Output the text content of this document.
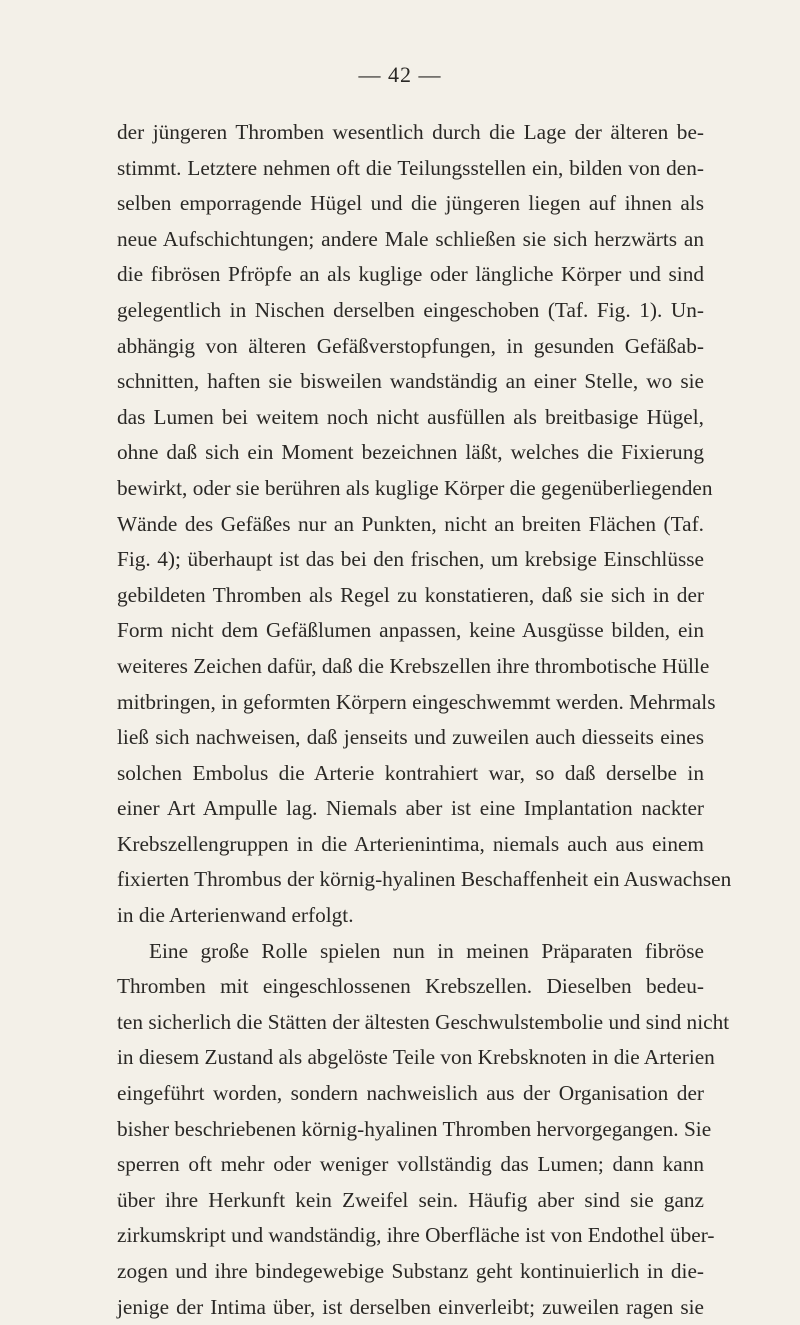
— 42 —
der jüngeren Thromben wesentlich durch die Lage der älteren be-
stimmt. Letztere nehmen oft die Teilungsstellen ein, bilden von den-
selben emporragende Hügel und die jüngeren liegen auf ihnen als
neue Aufschichtungen; andere Male schließen sie sich herzwärts an
die fibrösen Pfröpfe an als kuglige oder längliche Körper und sind
gelegentlich in Nischen derselben eingeschoben (Taf. Fig. 1). Un-
abhängig von älteren Gefäßverstopfungen, in gesunden Gefäßab-
schnitten, haften sie bisweilen wandständig an einer Stelle, wo sie
das Lumen bei weitem noch nicht ausfüllen als breitbasige Hügel,
ohne daß sich ein Moment bezeichnen läßt, welches die Fixierung
bewirkt, oder sie berühren als kuglige Körper die gegenüberliegenden
Wände des Gefäßes nur an Punkten, nicht an breiten Flächen (Taf.
Fig. 4); überhaupt ist das bei den frischen, um krebsige Einschlüsse
gebildeten Thromben als Regel zu konstatieren, daß sie sich in der
Form nicht dem Gefäßlumen anpassen, keine Ausgüsse bilden, ein
weiteres Zeichen dafür, daß die Krebszellen ihre thrombotische Hülle
mitbringen, in geformten Körpern eingeschwemmt werden. Mehrmals
ließ sich nachweisen, daß jenseits und zuweilen auch diesseits eines
solchen Embolus die Arterie kontrahiert war, so daß derselbe in
einer Art Ampulle lag. Niemals aber ist eine Implantation nackter
Krebszellengruppen in die Arterienintima, niemals auch aus einem
fixierten Thrombus der körnig-hyalinen Beschaffenheit ein Auswachsen
in die Arterienwand erfolgt.
Eine große Rolle spielen nun in meinen Präparaten fibröse
Thromben mit eingeschlossenen Krebszellen. Dieselben bedeu-
ten sicherlich die Stätten der ältesten Geschwulstembolie und sind nicht
in diesem Zustand als abgelöste Teile von Krebsknoten in die Arterien
eingeführt worden, sondern nachweislich aus der Organisation der
bisher beschriebenen körnig-hyalinen Thromben hervorgegangen. Sie
sperren oft mehr oder weniger vollständig das Lumen; dann kann
über ihre Herkunft kein Zweifel sein. Häufig aber sind sie ganz
zirkumskript und wandständig, ihre Oberfläche ist von Endothel über-
zogen und ihre bindegewebige Substanz geht kontinuierlich in die-
jenige der Intima über, ist derselben einverleibt; zuweilen ragen sie
